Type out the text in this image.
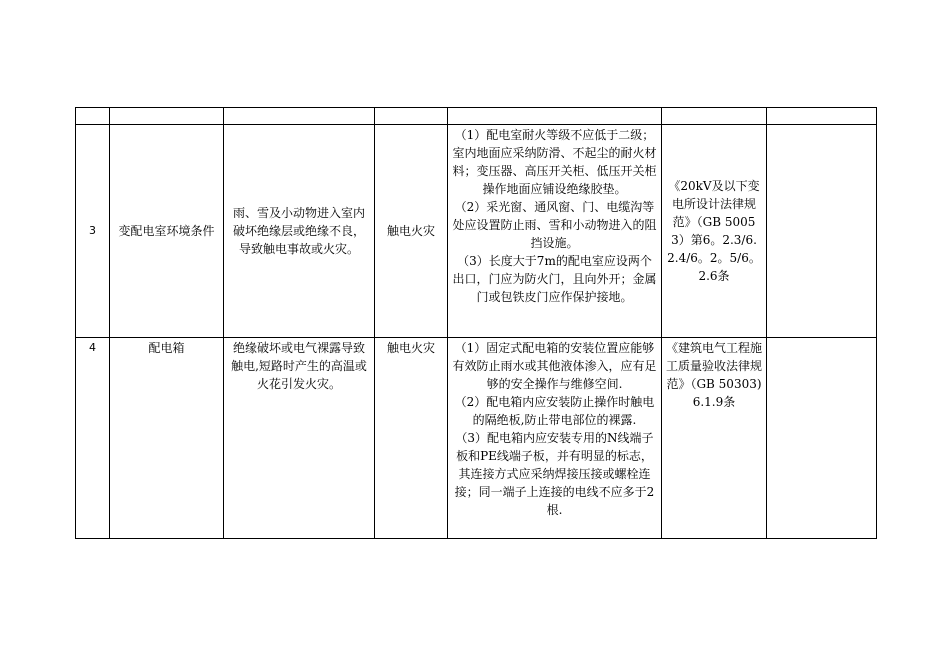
3	变配电室环境条件	雨、雪及小动物进入室内破坏绝缘层或绝缘不良，导致触电事故或火灾。	触电火灾	（1）配电室耐火等级不应低于二级；室内地面应采纳防滑、不起尘的耐火材料；变压器、高压开关柜、低压开关柜操作地面应铺设绝缘胶垫。

（2）采光窗、通风窗、门、电缆沟等处应设置防止雨、雪和小动物进入的阻挡设施。

（3）长度大于7m的配电室应设两个出口，门应为防火门，且向外开；金属门或包铁皮门应作保护接地。	《20kV及以下变电所设计法律规范》（GB 50053）第6。2.3/6.2.4/6。2。5/6。2.6条	
4	配电箱	绝缘破坏或电气裸露导致触电,短路时产生的高温或火花引发火灾。	触电火灾	（1）固定式配电箱的安装位置应能够有效防止雨水或其他液体渗入，应有足够的安全操作与维修空间.

（2）配电箱内应安装防止操作时触电的隔绝板,防止带电部位的裸露.

（3）配电箱内应安装专用的N线端子板和PE线端子板，并有明显的标志，其连接方式应采纳焊接压接或螺栓连接；同一端子上连接的电线不应多于2根.	《建筑电气工程施工质量验收法律规范》（GB 50303)6.1.9条	
